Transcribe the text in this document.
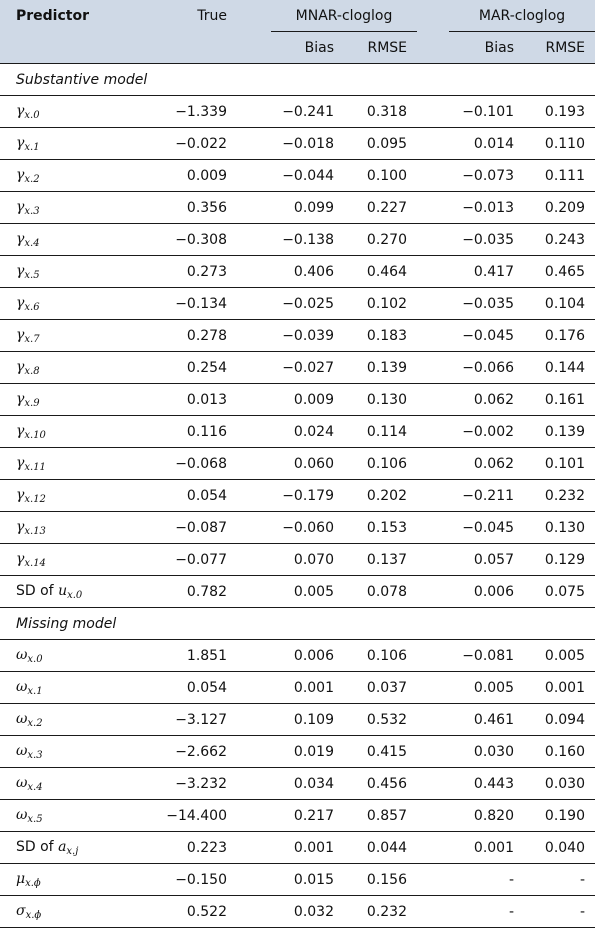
Predictor	True		MNAR-cloglog			MAR-cloglog	
			Bias	RMSE		Bias	RMSE
Substantive model							
$\gamma_{x.0}$	−1.339		−0.241	0.318		−0.101	0.193
$\gamma_{x.1}$	−0.022		−0.018	0.095		0.014	0.110
$\gamma_{x.2}$	0.009		−0.044	0.100		−0.073	0.111
$\gamma_{x.3}$	0.356		0.099	0.227		−0.013	0.209
$\gamma_{x.4}$	−0.308		−0.138	0.270		−0.035	0.243
$\gamma_{x.5}$	0.273		0.406	0.464		0.417	0.465
$\gamma_{x.6}$	−0.134		−0.025	0.102		−0.035	0.104
$\gamma_{x.7}$	0.278		−0.039	0.183		−0.045	0.176
$\gamma_{x.8}$	0.254		−0.027	0.139		−0.066	0.144
$\gamma_{x.9}$	0.013		0.009	0.130		0.062	0.161
$\gamma_{x.10}$	0.116		0.024	0.114		−0.002	0.139
$\gamma_{x.11}$	−0.068		0.060	0.106		0.062	0.101
$\gamma_{x.12}$	0.054		−0.179	0.202		−0.211	0.232
$\gamma_{x.13}$	−0.087		−0.060	0.153		−0.045	0.130
$\gamma_{x.14}$	−0.077		0.070	0.137		0.057	0.129
SD of $u_{x.0}$	0.782		0.005	0.078		0.006	0.075
Missing model							
$\omega_{x.0}$	1.851		0.006	0.106		−0.081	0.005
$\omega_{x.1}$	0.054		0.001	0.037		0.005	0.001
$\omega_{x.2}$	−3.127		0.109	0.532		0.461	0.094
$\omega_{x.3}$	−2.662		0.019	0.415		0.030	0.160
$\omega_{x.4}$	−3.232		0.034	0.456		0.443	0.030
$\omega_{x.5}$	−14.400		0.217	0.857		0.820	0.190
SD of $a_{x.j}$	0.223		0.001	0.044		0.001	0.040
$\mu_{x.\phi}$	−0.150		0.015	0.156		-	-
$\sigma_{x.\phi}$	0.522		0.032	0.232		-	-
